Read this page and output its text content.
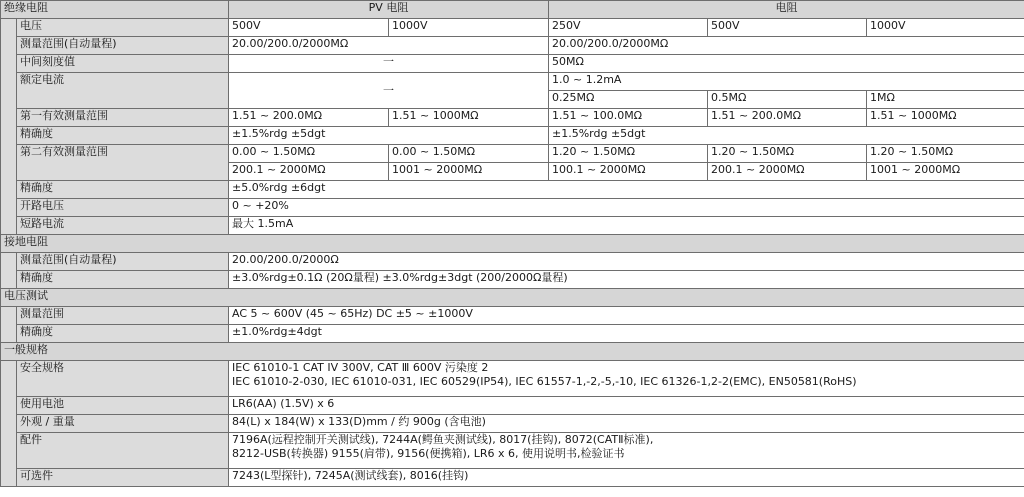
绝缘电阻		PV 电阻		电阻		
	电压	500V	1000V	250V	500V	1000V
	测量范围(自动量程)	20.00/200.0/2000MΩ		20.00/200.0/2000MΩ		
	中间刻度值	一		50MΩ		
	额定电流	一		1.0 ~ 1.2mA		
				0.25MΩ	0.5MΩ	1MΩ
	第一有效测量范围	1.51 ~ 200.0MΩ	1.51 ~ 1000MΩ	1.51 ~ 100.0MΩ	1.51 ~ 200.0MΩ	1.51 ~ 1000MΩ
	精确度	±1.5%rdg ±5dgt		±1.5%rdg ±5dgt		
	第二有效测量范围	0.00 ~ 1.50MΩ	0.00 ~ 1.50MΩ	1.20 ~ 1.50MΩ	1.20 ~ 1.50MΩ	1.20 ~ 1.50MΩ
		200.1 ~ 2000MΩ	1001 ~ 2000MΩ	100.1 ~ 2000MΩ	200.1 ~ 2000MΩ	1001 ~ 2000MΩ
	精确度	±5.0%rdg ±6dgt				
	开路电压	0 ~ +20%				
	短路电流	最大 1.5mA				
接地电阻						
	测量范围(自动量程)	20.00/200.0/2000Ω				
	精确度	±3.0%rdg±0.1Ω (20Ω量程) ±3.0%rdg±3dgt (200/2000Ω量程)				
电压测试						
	测量范围	AC 5 ~ 600V (45 ~ 65Hz) DC ±5 ~ ±1000V				
	精确度	±1.0%rdg±4dgt				
一般规格						
	安全规格	IEC 61010-1 CAT IV 300V, CAT Ⅲ 600V 污染度 2
IEC 61010-2-030, IEC 61010-031, IEC 60529(IP54), IEC 61557-1,-2,-5,-10, IEC 61326-1,2-2(EMC), EN50581(RoHS)				

	使用电池	LR6(AA) (1.5V) x 6				
	外观 / 重量	84(L) x 184(W) x 133(D)mm / 约 900g (含电池)				
	配件	7196A(远程控制开关测试线), 7244A(鳄鱼夹测试线), 8017(挂钩), 8072(CATⅡ标准),
8212-USB(转换器) 9155(肩带), 9156(便携箱), LR6 x 6, 使用说明书,检验证书				

	可选件	7243(L型探针), 7245A(测试线套), 8016(挂钩)				
